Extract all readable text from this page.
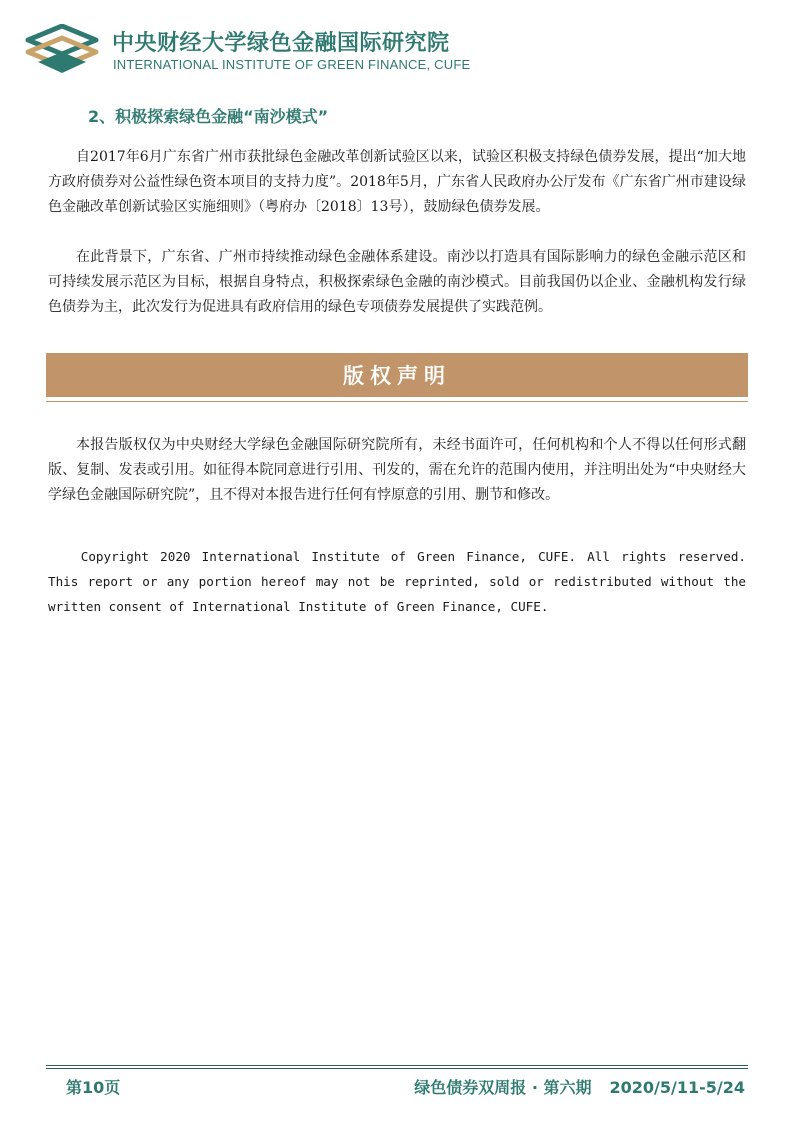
中央财经大学绿色金融国际研究院
INTERNATIONAL INSTITUTE OF GREEN FINANCE, CUFE
2、积极探索绿色金融“南沙模式”

自2017年6月广东省广州市获批绿色金融改革创新试验区以来，试验区积极支持绿色债券发展，提出“加大地方政府债券对公益性绿色资本项目的支持力度”。2018年5月，广东省人民政府办公厅发布《广东省广州市建设绿色金融改革创新试验区实施细则》（粤府办〔2018〕13号），鼓励绿色债券发展。

在此背景下，广东省、广州市持续推动绿色金融体系建设。南沙以打造具有国际影响力的绿色金融示范区和可持续发展示范区为目标，根据自身特点，积极探索绿色金融的南沙模式。目前我国仍以企业、金融机构发行绿色债券为主，此次发行为促进具有政府信用的绿色专项债券发展提供了实践范例。

版权声明

本报告版权仅为中央财经大学绿色金融国际研究院所有，未经书面许可，任何机构和个人不得以任何形式翻版、复制、发表或引用。如征得本院同意进行引用、刊发的，需在允许的范围内使用，并注明出处为“中央财经大学绿色金融国际研究院”，且不得对本报告进行任何有悖原意的引用、删节和修改。

Copyright 2020 International Institute of Green Finance, CUFE. All rights reserved. This report or any portion hereof may not be reprinted, sold or redistributed without the written consent of International Institute of Green Finance, CUFE.

第10页	绿色债券双周报 · 第六期 2020/5/11-5/24
